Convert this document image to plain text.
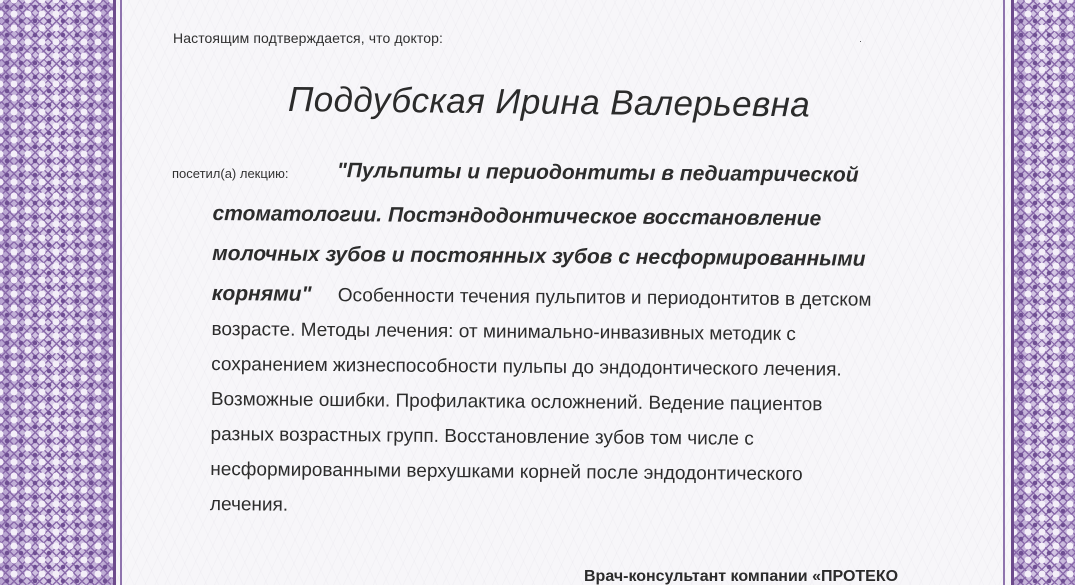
Настоящим подтверждается, что доктор:	·
Поддубская Ирина Валерьевна
посетил(а) лекцию: "Пульпиты и периодонтиты в педиатрической
стоматологии. Постэндодонтическое восстановление
молочных зубов и постоянных зубов с несформированными
корнями" Особенности течения пульпитов и периодонтитов в детском
возрасте. Методы лечения: от минимально-инвазивных методик с
сохранением жизнеспособности пульпы до эндодонтического лечения.
Возможные ошибки. Профилактика осложнений. Ведение пациентов
разных возрастных групп. Восстановление зубов том числе с
несформированными верхушками корней после эндодонтического
лечения.
Врач-консультант компании «ПРОТЕКО
